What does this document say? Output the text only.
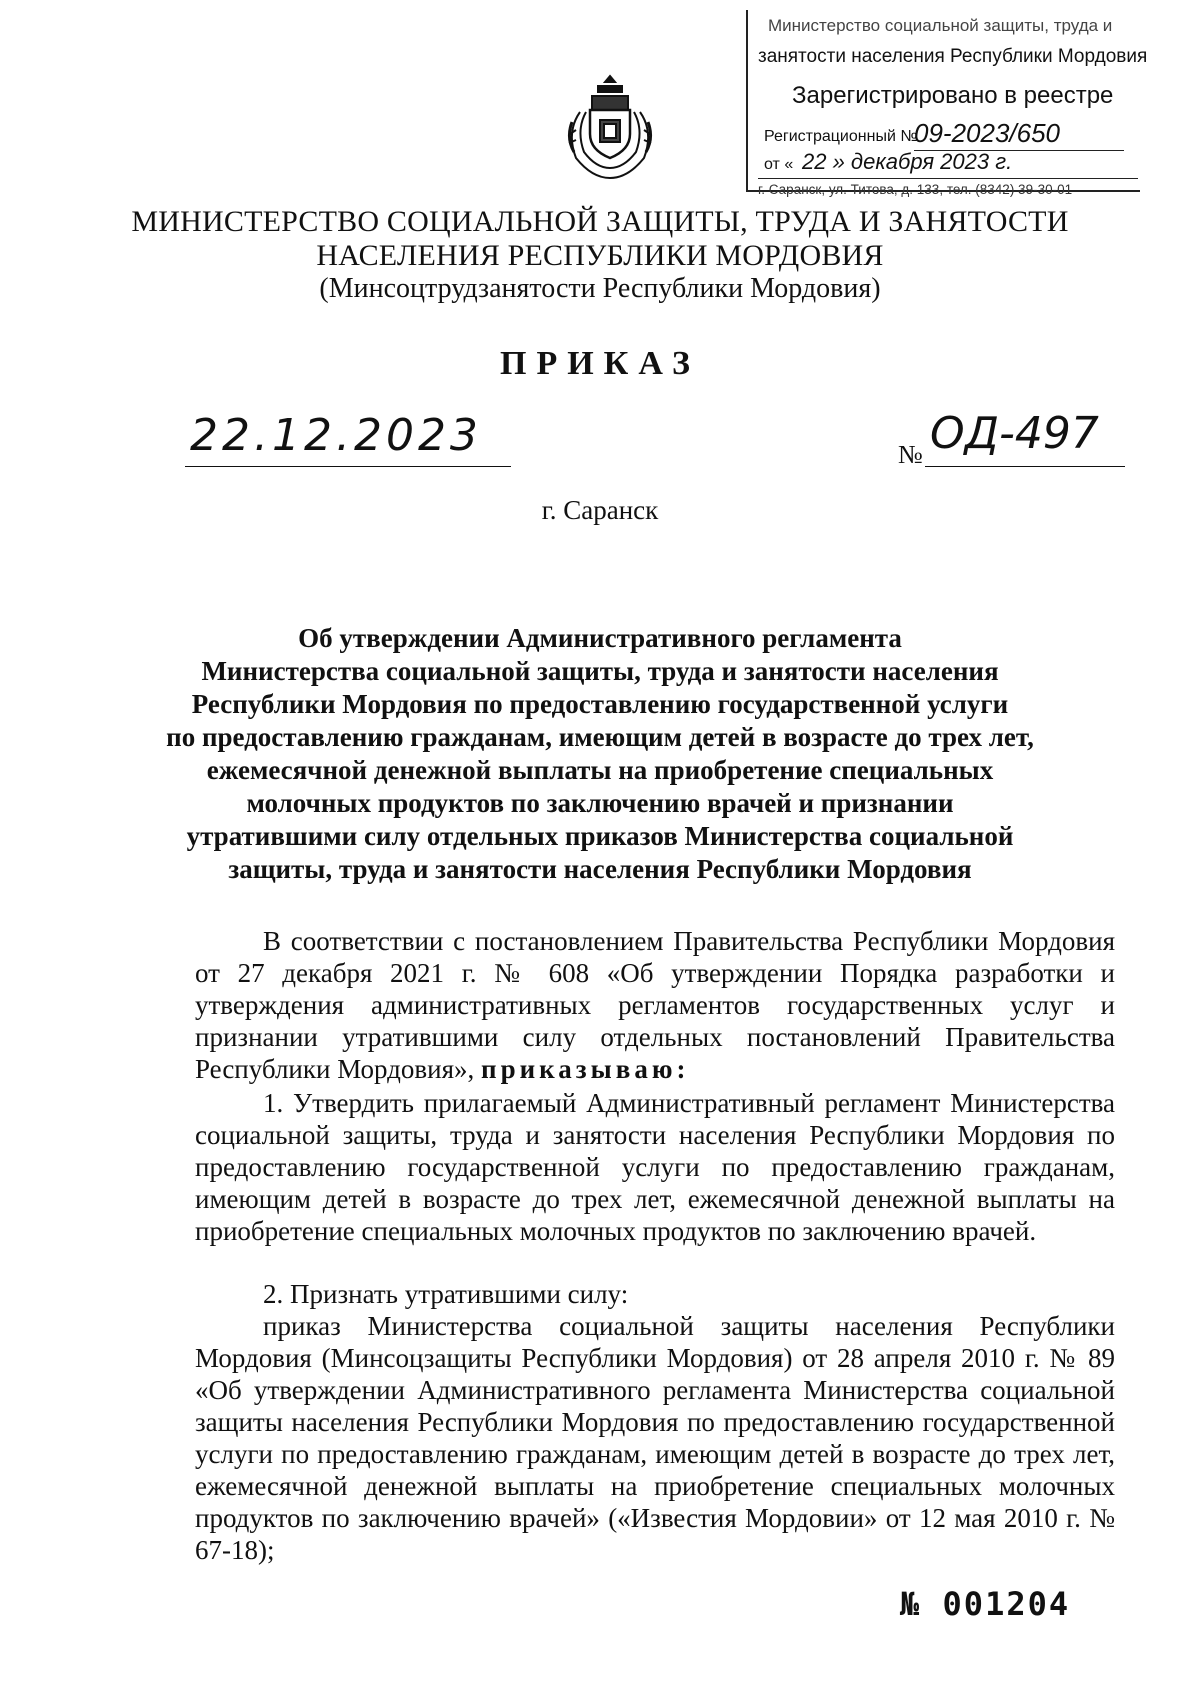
Министерство социальной защиты, труда и
занятости населения Республики Мордовия
Зарегистрировано в реестре
Регистрационный №
09-2023/650
от « 22 » декабря 2023 г.
г. Саранск, ул. Титова, д. 133, тел. (8342) 39-30-01
МИНИСТЕРСТВО СОЦИАЛЬНОЙ ЗАЩИТЫ, ТРУДА И ЗАНЯТОСТИ
НАСЕЛЕНИЯ РЕСПУБЛИКИ МОРДОВИЯ
(Минсоцтрудзанятости Республики Мордовия)
ПРИКАЗ
22.12.2023	№ ОД-497
г. Саранск
Об утверждении Административного регламента
Министерства социальной защиты, труда и занятости населения
Республики Мордовия по предоставлению государственной услуги
по предоставлению гражданам, имеющим детей в возрасте до трех лет,
ежемесячной денежной выплаты на приобретение специальных
молочных продуктов по заключению врачей и признании
утратившими силу отдельных приказов Министерства социальной
защиты, труда и занятости населения Республики Мордовия
В соответствии с постановлением Правительства Республики Мордовия от 27 декабря 2021 г. № 608 «Об утверждении Порядка разработки и утверждения административных регламентов государственных услуг и признании утратившими силу отдельных постановлений Правительства Республики Мордовия», приказываю:
1. Утвердить прилагаемый Административный регламент Министерства социальной защиты, труда и занятости населения Республики Мордовия по предоставлению государственной услуги по предоставлению гражданам, имеющим детей в возрасте до трех лет, ежемесячной денежной выплаты на приобретение специальных молочных продуктов по заключению врачей.
2. Признать утратившими силу:
приказ Министерства социальной защиты населения Республики Мордовия (Минсоцзащиты Республики Мордовия) от 28 апреля 2010 г. № 89 «Об утверждении Административного регламента Министерства социальной защиты населения Республики Мордовия по предоставлению государственной услуги по предоставлению гражданам, имеющим детей в возрасте до трех лет, ежемесячной денежной выплаты на приобретение специальных молочных продуктов по заключению врачей» («Известия Мордовии» от 12 мая 2010 г. № 67-18);
№ 001204
